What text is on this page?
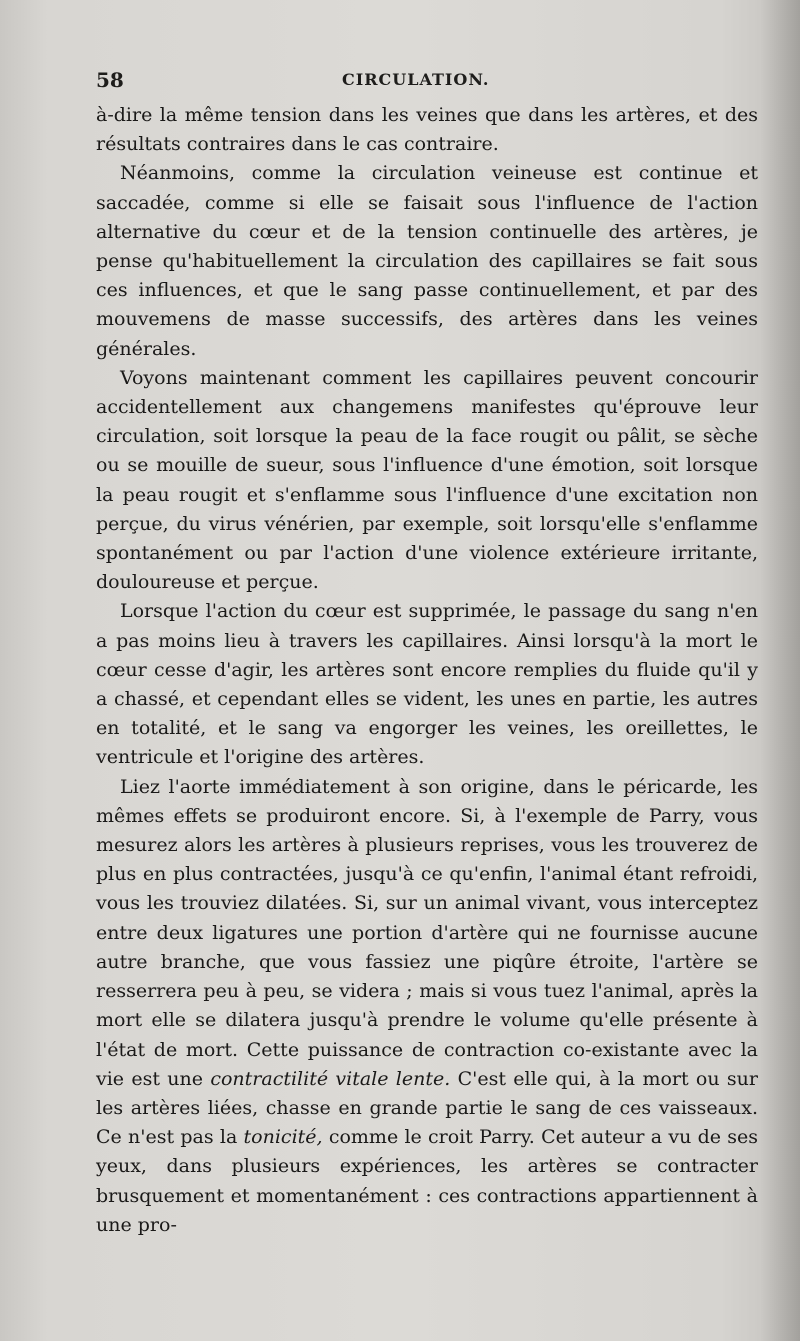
58	CIRCULATION.

à-dire la même tension dans les veines que dans les artères, et des résultats contraires dans le cas contraire.

Néanmoins, comme la circulation veineuse est continue et saccadée, comme si elle se faisait sous l'influence de l'action alternative du cœur et de la tension continuelle des artères, je pense qu'habituellement la circulation des capillaires se fait sous ces influences, et que le sang passe continuellement, et par des mouvemens de masse successifs, des artères dans les veines générales.

Voyons maintenant comment les capillaires peuvent concourir accidentellement aux changemens manifestes qu'éprouve leur circulation, soit lorsque la peau de la face rougit ou pâlit, se sèche ou se mouille de sueur, sous l'influence d'une émotion, soit lorsque la peau rougit et s'enflamme sous l'influence d'une excitation non perçue, du virus vénérien, par exemple, soit lorsqu'elle s'enflamme spontanément ou par l'action d'une violence extérieure irritante, douloureuse et perçue.

Lorsque l'action du cœur est supprimée, le passage du sang n'en a pas moins lieu à travers les capillaires. Ainsi lorsqu'à la mort le cœur cesse d'agir, les artères sont encore remplies du fluide qu'il y a chassé, et cependant elles se vident, les unes en partie, les autres en totalité, et le sang va engorger les veines, les oreillettes, le ventricule et l'origine des artères.

Liez l'aorte immédiatement à son origine, dans le péricarde, les mêmes effets se produiront encore. Si, à l'exemple de Parry, vous mesurez alors les artères à plusieurs reprises, vous les trouverez de plus en plus contractées, jusqu'à ce qu'enfin, l'animal étant refroidi, vous les trouviez dilatées. Si, sur un animal vivant, vous interceptez entre deux ligatures une portion d'artère qui ne fournisse aucune autre branche, que vous fassiez une piqûre étroite, l'artère se resserrera peu à peu, se videra ; mais si vous tuez l'animal, après la mort elle se dilatera jusqu'à prendre le volume qu'elle présente à l'état de mort. Cette puissance de contraction co-existante avec la vie est une contractilité vitale lente. C'est elle qui, à la mort ou sur les artères liées, chasse en grande partie le sang de ces vaisseaux. Ce n'est pas la tonicité, comme le croit Parry. Cet auteur a vu de ses yeux, dans plusieurs expériences, les artères se contracter brusquement et momentanément : ces contractions appartiennent à une pro-
